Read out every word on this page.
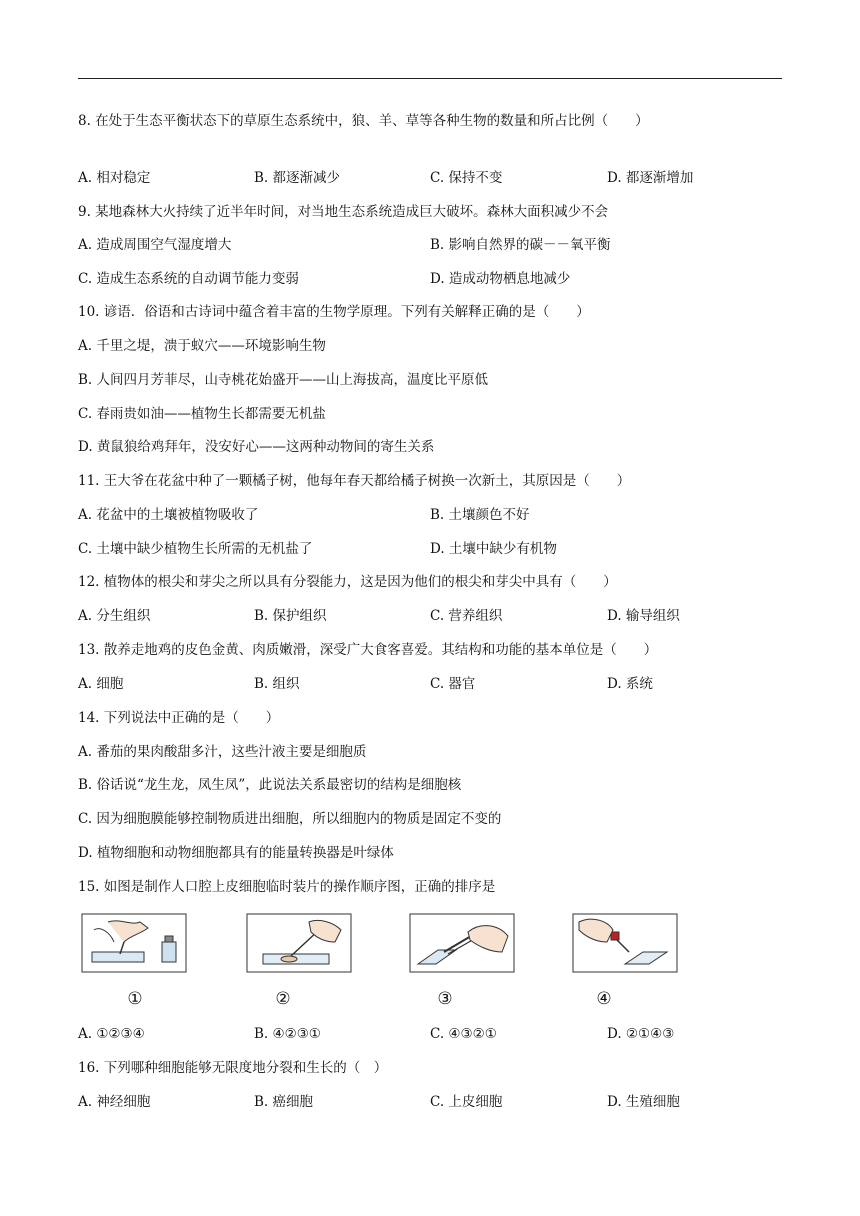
8. 在处于生态平衡状态下的草原生态系统中，狼、羊、草等各种生物的数量和所占比例（　　）
A. 相对稳定	B. 都逐渐减少	C. 保持不变	D. 都逐渐增加
9. 某地森林大火持续了近半年时间，对当地生态系统造成巨大破坏。森林大面积减少不会
A. 造成周围空气湿度增大	B. 影响自然界的碳－－氧平衡
C. 造成生态系统的自动调节能力变弱	D. 造成动物栖息地减少
10. 谚语．俗语和古诗词中蕴含着丰富的生物学原理。下列有关解释正确的是（　　）
A. 千里之堤，溃于蚁穴——环境影响生物
B. 人间四月芳菲尽，山寺桃花始盛开——山上海拔高，温度比平原低
C. 春雨贵如油——植物生长都需要无机盐
D. 黄鼠狼给鸡拜年，没安好心——这两种动物间的寄生关系
11. 王大爷在花盆中种了一颗橘子树，他每年春天都给橘子树换一次新土，其原因是（　　）
A. 花盆中的土壤被植物吸收了	B. 土壤颜色不好
C. 土壤中缺少植物生长所需的无机盐了	D. 土壤中缺少有机物
12. 植物体的根尖和芽尖之所以具有分裂能力，这是因为他们的根尖和芽尖中具有（　　）
A. 分生组织	B. 保护组织	C. 营养组织	D. 输导组织
13. 散养走地鸡的皮色金黄、肉质嫩滑，深受广大食客喜爱。其结构和功能的基本单位是（　　）
A. 细胞	B. 组织	C. 器官	D. 系统
14. 下列说法中正确的是（　　）
A. 番茄的果肉酸甜多汁，这些汁液主要是细胞质
B. 俗话说“龙生龙，凤生凤”，此说法关系最密切的结构是细胞核
C. 因为细胞膜能够控制物质进出细胞，所以细胞内的物质是固定不变的
D. 植物细胞和动物细胞都具有的能量转换器是叶绿体
15. 如图是制作人口腔上皮细胞临时装片的操作顺序图，正确的排序是
①	②	③	④
A. ①②③④	B. ④②③①	C. ④③②①	D. ②①④③
16. 下列哪种细胞能够无限度地分裂和生长的（　）
A. 神经细胞	B. 癌细胞	C. 上皮细胞	D. 生殖细胞
